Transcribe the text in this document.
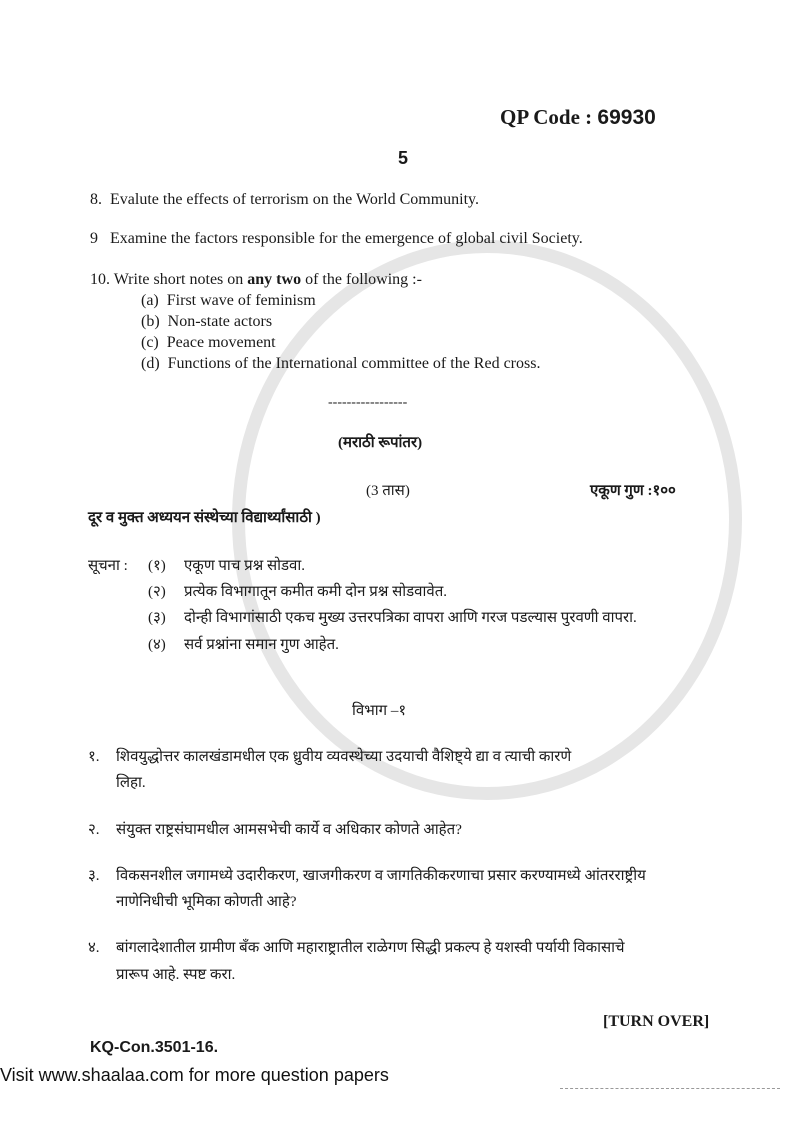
QP Code : 69930
5
8. Evalute the effects of terrorism on the World Community.
9 Examine the factors responsible for the emergence of global civil Society.
10. Write short notes on any two of the following :-
(a) First wave of feminism
(b) Non-state actors
(c) Peace movement
(d) Functions of the International committee of the Red cross.
-----------------
(मराठी रूपांतर)
(3 तास)	एकूण गुण :१००
दूर व मुक्त अध्ययन संस्थेच्या विद्यार्थ्यांसाठी )
सूचना :	(१)	एकूण पाच प्रश्न सोडवा.
(२)	प्रत्येक विभागातून कमीत कमी दोन प्रश्न सोडवावेत.
(३)	दोन्ही विभागांसाठी एकच मुख्य उत्तरपत्रिका वापरा आणि गरज पडल्यास पुरवणी वापरा.
(४)	सर्व प्रश्नांना समान गुण आहेत.
विभाग –१
१.	शिवयुद्धोत्तर कालखंडामधील एक ध्रुवीय व्यवस्थेच्या उदयाची वैशिष्ट्ये द्या व त्याची कारणे
लिहा.
२.	संयुक्त राष्ट्रसंघामधील आमसभेची कार्ये व अधिकार कोणते आहेत?
३.	विकसनशील जगामध्ये उदारीकरण, खाजगीकरण व जागतिकीकरणाचा प्रसार करण्यामध्ये आंतरराष्ट्रीय
नाणेनिधीची भूमिका कोणती आहे?
४.	बांगलादेशातील ग्रामीण बँक आणि महाराष्ट्रातील राळेगण सिद्धी प्रकल्प हे यशस्वी पर्यायी विकासाचे
प्रारूप आहे. स्पष्ट करा.
[TURN OVER]
KQ-Con.3501-16.
Visit www.shaalaa.com for more question papers
